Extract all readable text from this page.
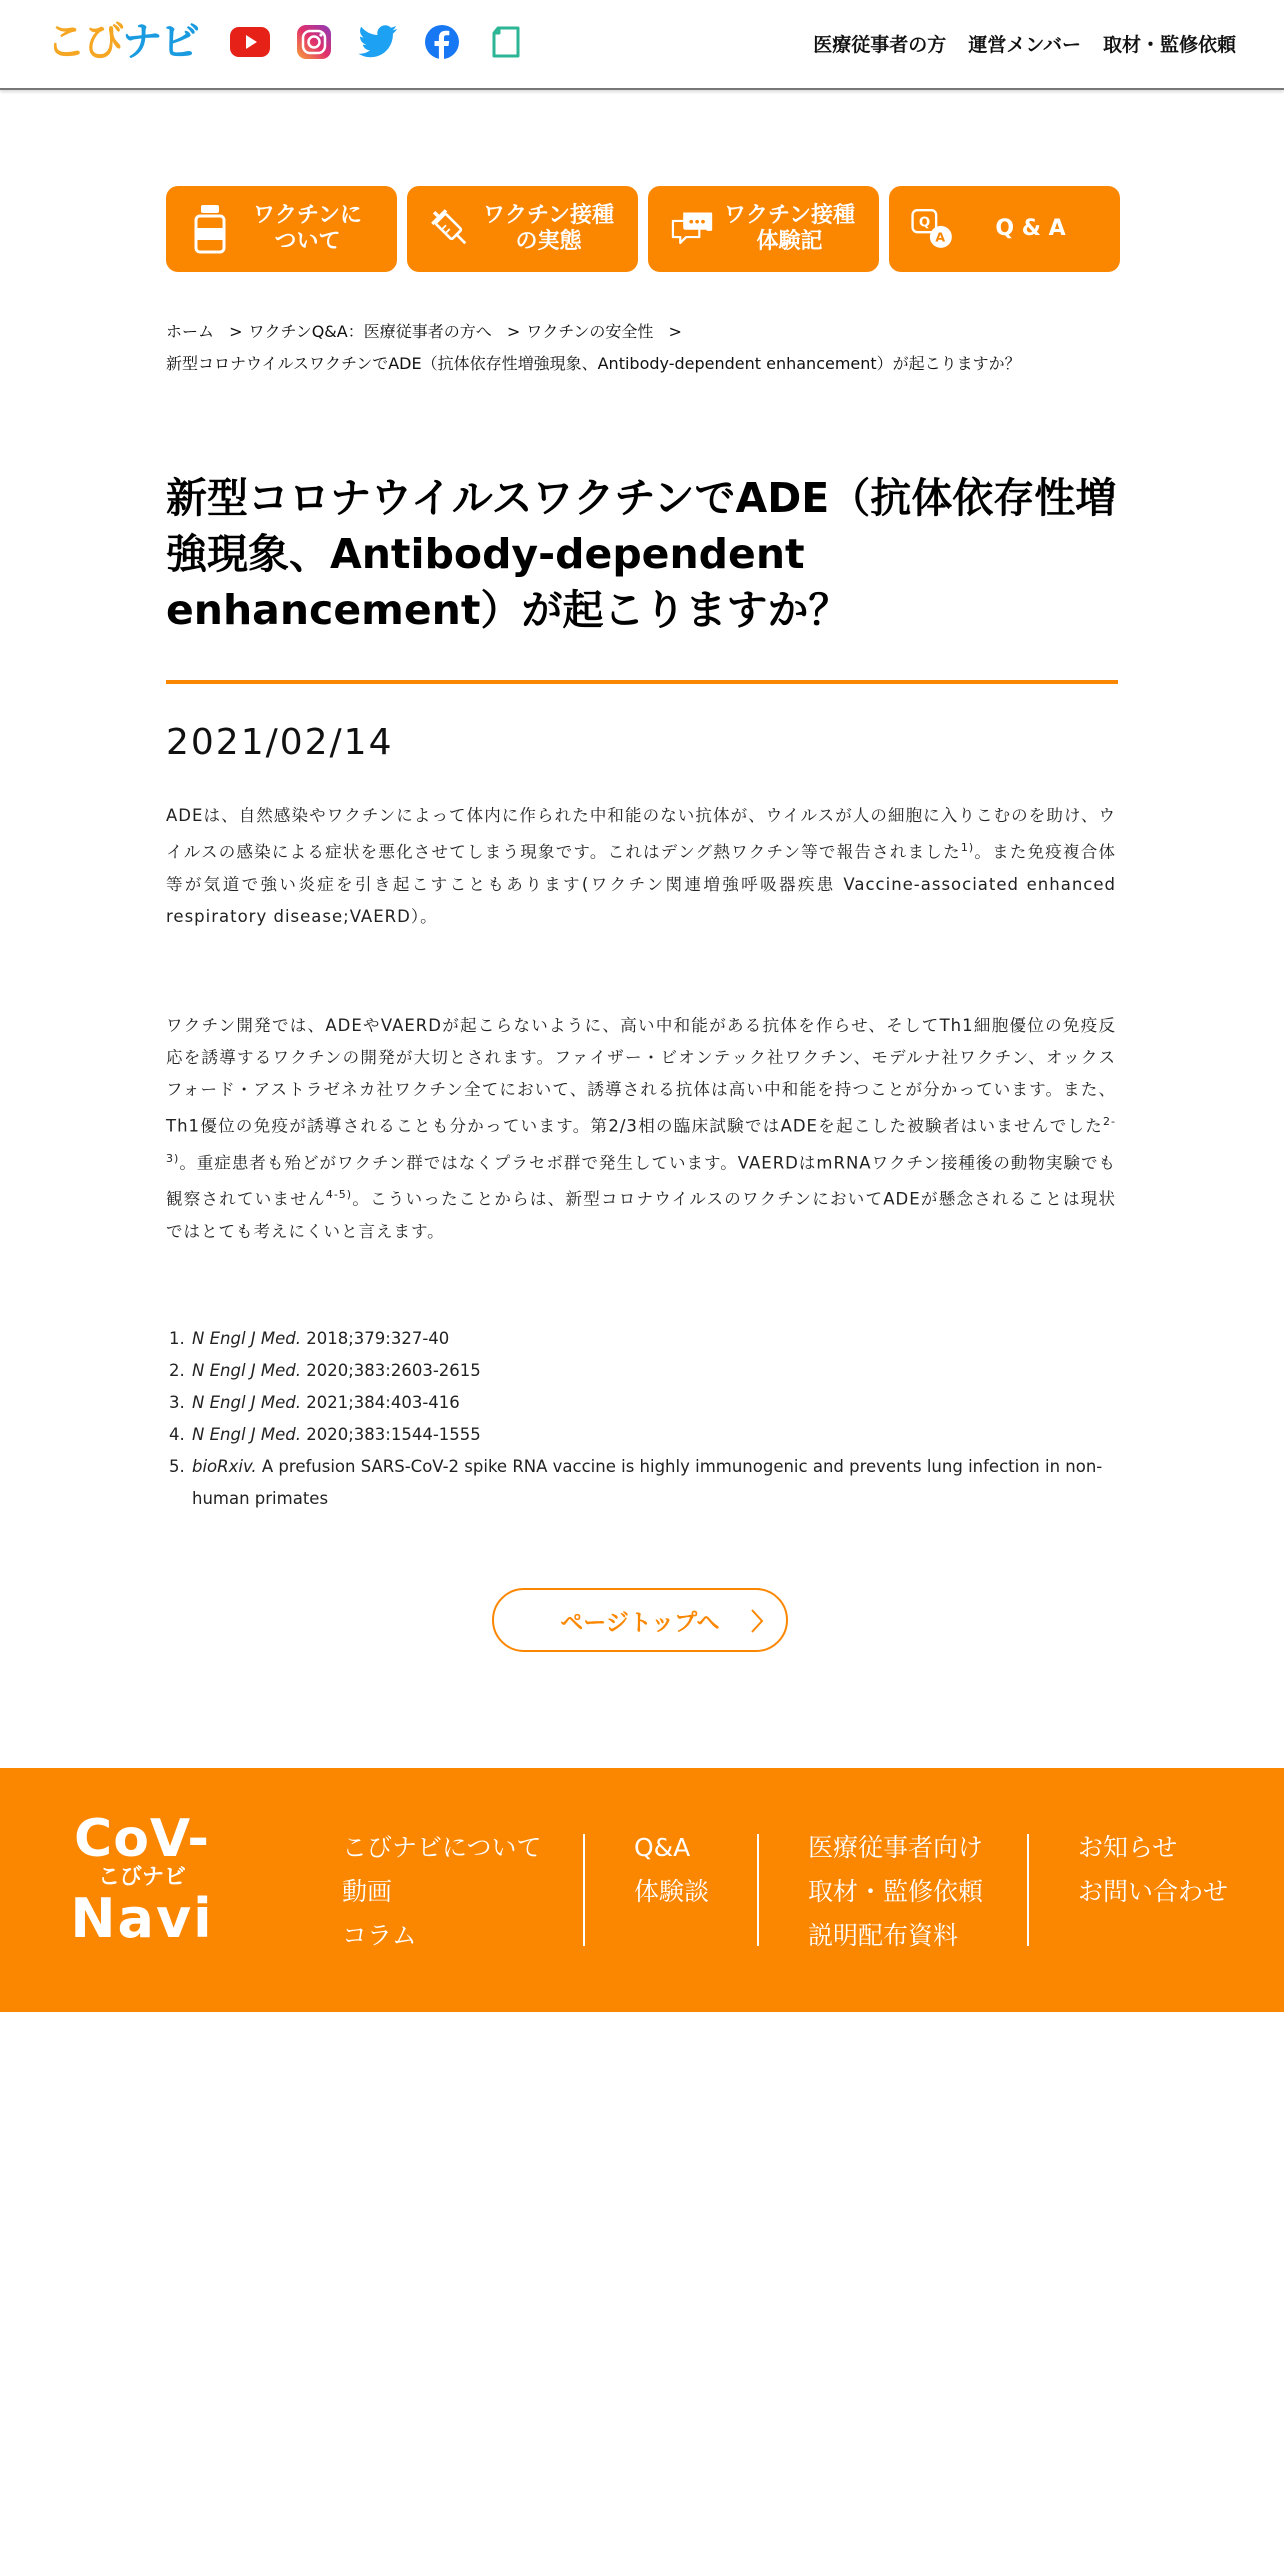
こびナビ	医療従事者の方 運営メンバー 取材・監修依頼
ワクチンに
ついて
ワクチン接種
の実態
ワクチン接種
体験記
Q
A	Q & A
ホーム > ワクチンQ&A：医療従事者の方へ > ワクチンの安全性 >
新型コロナウイルスワクチンでADE（抗体依存性増強現象、Antibody-dependent enhancement）が起こりますか？
新型コロナウイルスワクチンでADE（抗体依存性増強現象、Antibody-dependent enhancement）が起こりますか？
2021/02/14

ADEは、自然感染やワクチンによって体内に作られた中和能のない抗体が、ウイルスが人の細胞に入りこむのを助け、ウイルスの感染による症状を悪化させてしまう現象です。これはデング熱ワクチン等で報告されました$^{1)}$。また免疫複合体等が気道で強い炎症を引き起こすこともあります(ワクチン関連増強呼吸器疾患 Vaccine-associated enhanced respiratory disease;VAERD）。

ワクチン開発では、ADEやVAERDが起こらないように、高い中和能がある抗体を作らせ、そしてTh1細胞優位の免疫反応を誘導するワクチンの開発が大切とされます。ファイザー・ビオンテック社ワクチン、モデルナ社ワクチン、オックスフォード・アストラゼネカ社ワクチン全てにおいて、誘導される抗体は高い中和能を持つことが分かっています。また、Th1優位の免疫が誘導されることも分かっています。第2/3相の臨床試験ではADEを起こした被験者はいませんでした$^{2-3)}$。重症患者も殆どがワクチン群ではなくプラセボ群で発生しています。VAERDはmRNAワクチン接種後の動物実験でも観察されていません$^{4-5)}$。こういったことからは、新型コロナウイルスのワクチンにおいてADEが懸念されることは現状ではとても考えにくいと言えます。

1. N Engl J Med. 2018;379:327-40
2. N Engl J Med. 2020;383:2603-2615
3. N Engl J Med. 2021;384:403-416
4. N Engl J Med. 2020;383:1544-1555
5. bioRxiv. A prefusion SARS-CoV-2 spike RNA vaccine is highly immunogenic and prevents lung infection in non-human primates
ページトップへ
CoV-
こびナビ
Navi
こびナビについて
動画
コラム
Q&A
体験談
医療従事者向け
取材・監修依頼
説明配布資料
お知らせ
お問い合わせ
